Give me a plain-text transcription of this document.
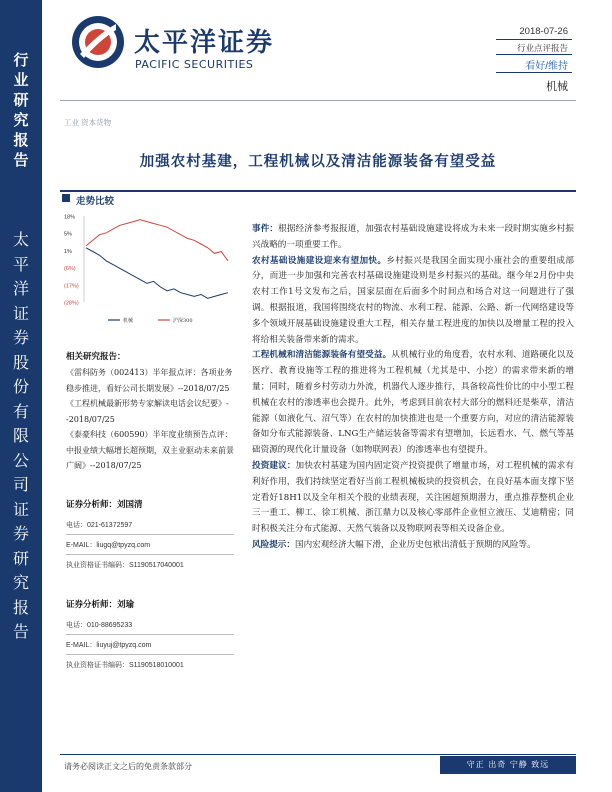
行
业
研
究
报
告
太
平
洋
证
券
股
份
有
限
公
司
证
券
研
究
报
告
太平洋证券
PACIFIC SECURITIES
2018-07-26
行业点评报告
看好/维持
机械
工业 资本货物
加强农村基建，工程机械以及清洁能源装备有望受益
走势比较
18%
5%
1%
(6%)
(17%)
(28%)
机械	沪深300
相关研究报告：
《雷科防务（002413）半年报点评：各项业务稳步推进，看好公司长期发展》--2018/07/25
《工程机械最新形势专家解读电话会议纪要》--2018/07/25
《泰豪科技（600590）半年度业绩预告点评：中报业绩大幅增长超预期，双主业驱动未来前景广阔》--2018/07/25
证券分析师：刘国清
电话：021-61372597
E-MAIL：liugq@tpyzq.com
执业资格证书编码：S1190517040001
证券分析师：刘瑜
电话：010-88695233
E-MAIL：liuyuj@tpyzq.com
执业资格证书编码：S1190518010001

事件：根据经济参考报报道，加强农村基础设施建设将成为未来一段时期实施乡村振兴战略的一项重要工作。

农村基础设施建设迎来有望加快。乡村振兴是我国全面实现小康社会的重要组成部分，而进一步加强和完善农村基础设施建设则是乡村振兴的基础。继今年2月份中央农村工作1号文发布之后，国家层面在后面多个时间点和场合对这一问题进行了强调。根据报道，我国将围绕农村的物流、水利工程、能源、公路、新一代网络建设等多个领域开展基础设施建设重大工程，相关存量工程进度的加快以及增量工程的投入将给相关装备带来新的需求。

工程机械和清洁能源装备有望受益。从机械行业的角度看，农村水利、道路硬化以及医疗、教育设施等工程的推进将为工程机械（尤其是中、小挖）的需求带来新的增量；同时，随着乡村劳动力外流，机器代人逐步推行，具备较高性价比的中小型工程机械在农村的渗透率也会提升。此外，考虑到目前农村大部分的燃料还是柴草，清洁能源（如液化气、沼气等）在农村的加快推进也是一个重要方向，对应的清洁能源装备如分布式能源装备、LNG生产储运装备等需求有望增加，长远看水、气、燃气等基础资源的现代化计量设备（如物联网表）的渗透率也有望提升。

投资建议：加快农村基建为国内固定资产投资提供了增量市场，对工程机械的需求有利好作用，我们持续坚定看好当前工程机械板块的投资机会，在良好基本面支撑下坚定看好18H1以及全年相关个股的业绩表现，关注困超预期潜力，重点推荐整机企业三一重工、柳工、徐工机械、浙江鼎力以及核心零部件企业恒立液压、艾迪精密；同时积极关注分布式能源、天然气装备以及物联网表等相关设备企业。

风险提示：国内宏观经济大幅下滑，企业历史包袱出清低于预期的风险等。

请务必阅读正文之后的免责条款部分	守正 出奇 宁静 致远
